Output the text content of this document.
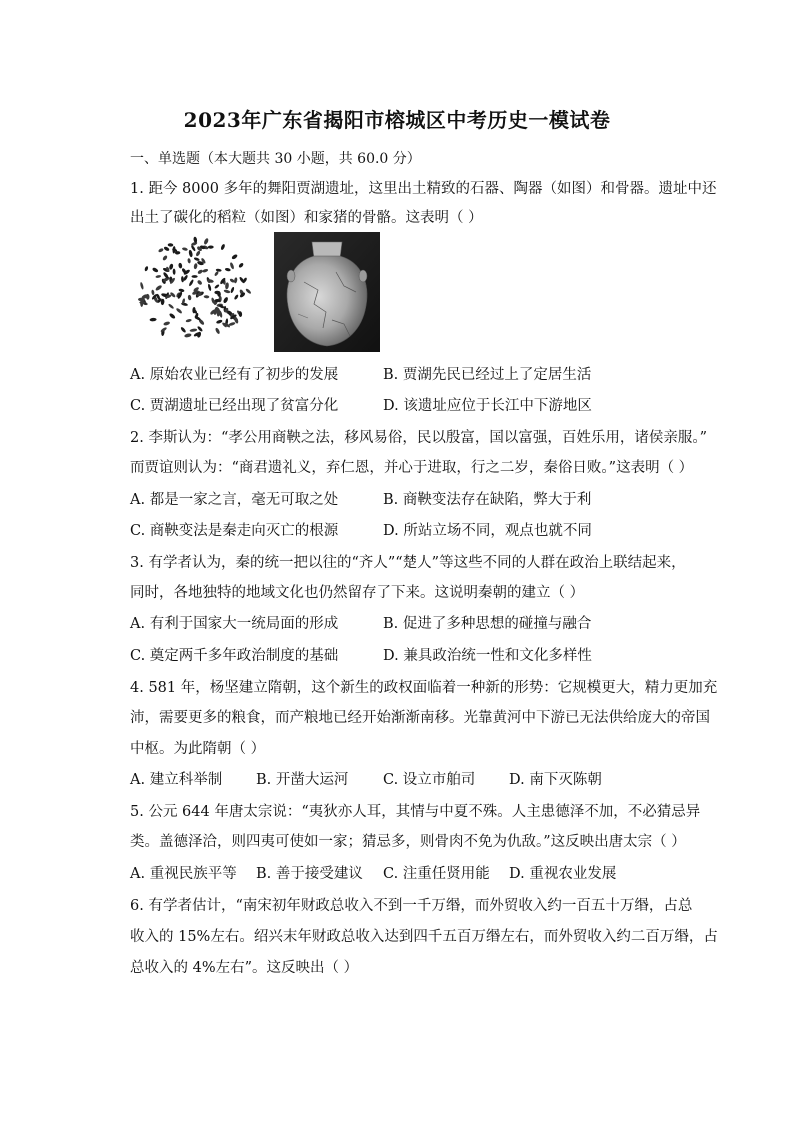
2023年广东省揭阳市榕城区中考历史一模试卷
一、单选题（本大题共 30 小题，共 60.0 分）
1. 距今 8000 多年的舞阳贾湖遗址，这里出土精致的石器、陶器（如图）和骨器。遗址中还
出土了碳化的稻粒（如图）和家猪的骨骼。这表明（ ）
A. 原始农业已经有了初步的发展	B. 贾湖先民已经过上了定居生活
C. 贾湖遗址已经出现了贫富分化	D. 该遗址应位于长江中下游地区
2. 李斯认为：“孝公用商鞅之法，移风易俗，民以殷富，国以富强，百姓乐用，诸侯亲服。”
而贾谊则认为：“商君遗礼义，弃仁恩，并心于进取，行之二岁，秦俗日败。”这表明（ ）
A. 都是一家之言，毫无可取之处	B. 商鞅变法存在缺陷，弊大于利
C. 商鞅变法是秦走向灭亡的根源	D. 所站立场不同，观点也就不同
3. 有学者认为，秦的统一把以往的“齐人”“楚人”等这些不同的人群在政治上联结起来，
同时，各地独特的地域文化也仍然留存了下来。这说明秦朝的建立（ ）
A. 有利于国家大一统局面的形成	B. 促进了多种思想的碰撞与融合
C. 奠定两千多年政治制度的基础	D. 兼具政治统一性和文化多样性
4. 581 年，杨坚建立隋朝，这个新生的政权面临着一种新的形势：它规模更大，精力更加充
沛，需要更多的粮食，而产粮地已经开始渐渐南移。光靠黄河中下游已无法供给庞大的帝国
中枢。为此隋朝（ ）
A. 建立科举制 B. 开凿大运河 C. 设立市舶司 D. 南下灭陈朝
5. 公元 644 年唐太宗说：“夷狄亦人耳，其情与中夏不殊。人主患德泽不加，不必猜忌异
类。盖德泽洽，则四夷可使如一家；猜忌多，则骨肉不免为仇敌。”这反映出唐太宗（ ）
A. 重视民族平等 B. 善于接受建议 C. 注重任贤用能 D. 重视农业发展
6. 有学者估计，“南宋初年财政总收入不到一千万缗，而外贸收入约一百五十万缗，占总
收入的 15%左右。绍兴末年财政总收入达到四千五百万缗左右，而外贸收入约二百万缗，占
总收入的 4%左右”。这反映出（ ）
